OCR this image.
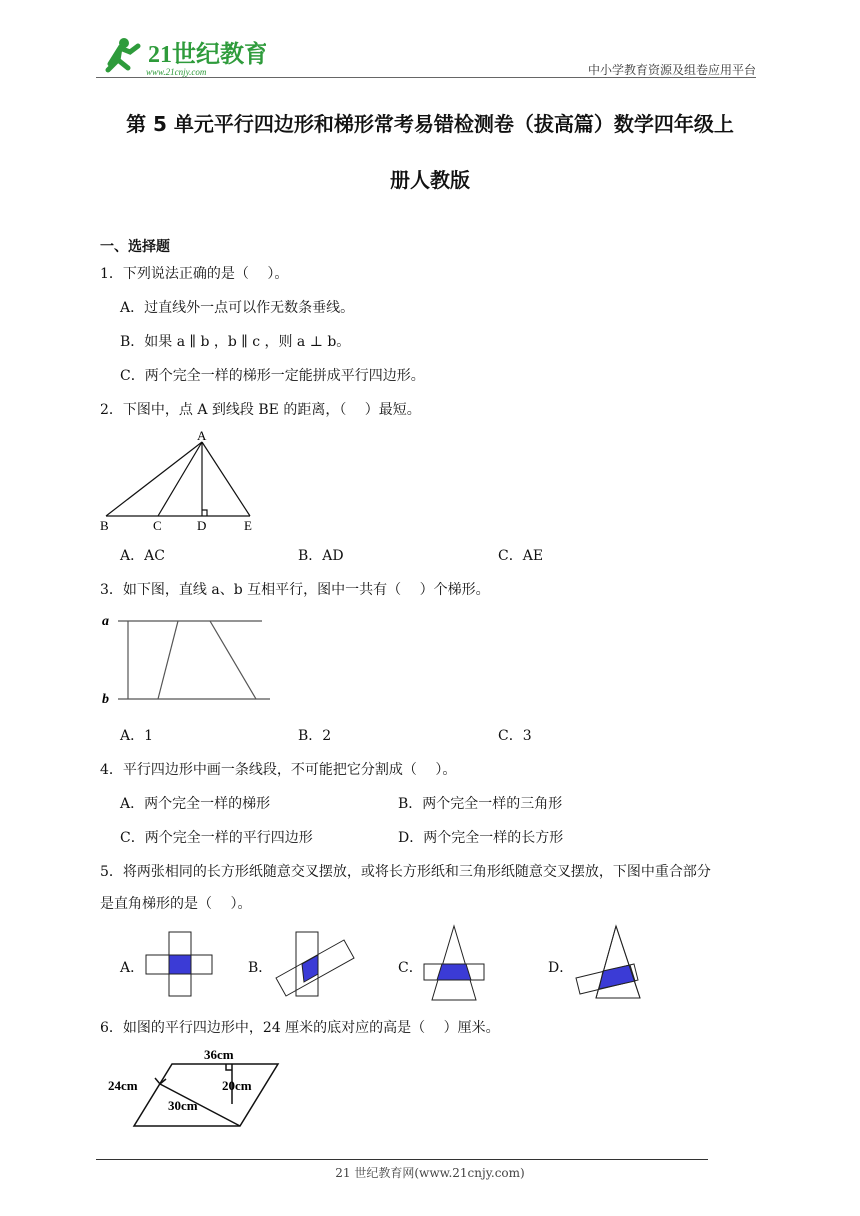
21世纪教育
www.21cnjy.com	中小学教育资源及组卷应用平台
第 5 单元平行四边形和梯形常考易错检测卷（拔高篇）数学四年级上
册人教版
一、选择题
1．下列说法正确的是（　 ）。
A．过直线外一点可以作无数条垂线。
B．如果 a ∥ b ，b ∥ c ，则 a ⊥ b。
C．两个完全一样的梯形一定能拼成平行四边形。
2．下图中，点 A 到线段 BE 的距离，（　 ）最短。
A
B	C	D	E
A．AC	B．AD	C．AE
3．如下图，直线 a、b 互相平行，图中一共有（　 ）个梯形。
a
b
A．1	B．2	C．3
4．平行四边形中画一条线段，不可能把它分割成（　 ）。
A．两个完全一样的梯形	B．两个完全一样的三角形
C．两个完全一样的平行四边形	D．两个完全一样的长方形
5．将两张相同的长方形纸随意交叉摆放，或将长方形纸和三角形纸随意交叉摆放，下图中重合部分
是直角梯形的是（　 ）。
A．	B．	C．	D．
6．如图的平行四边形中，24 厘米的底对应的高是（　 ）厘米。
36cm
24cm	20cm
30cm
21 世纪教育网(www.21cnjy.com)
